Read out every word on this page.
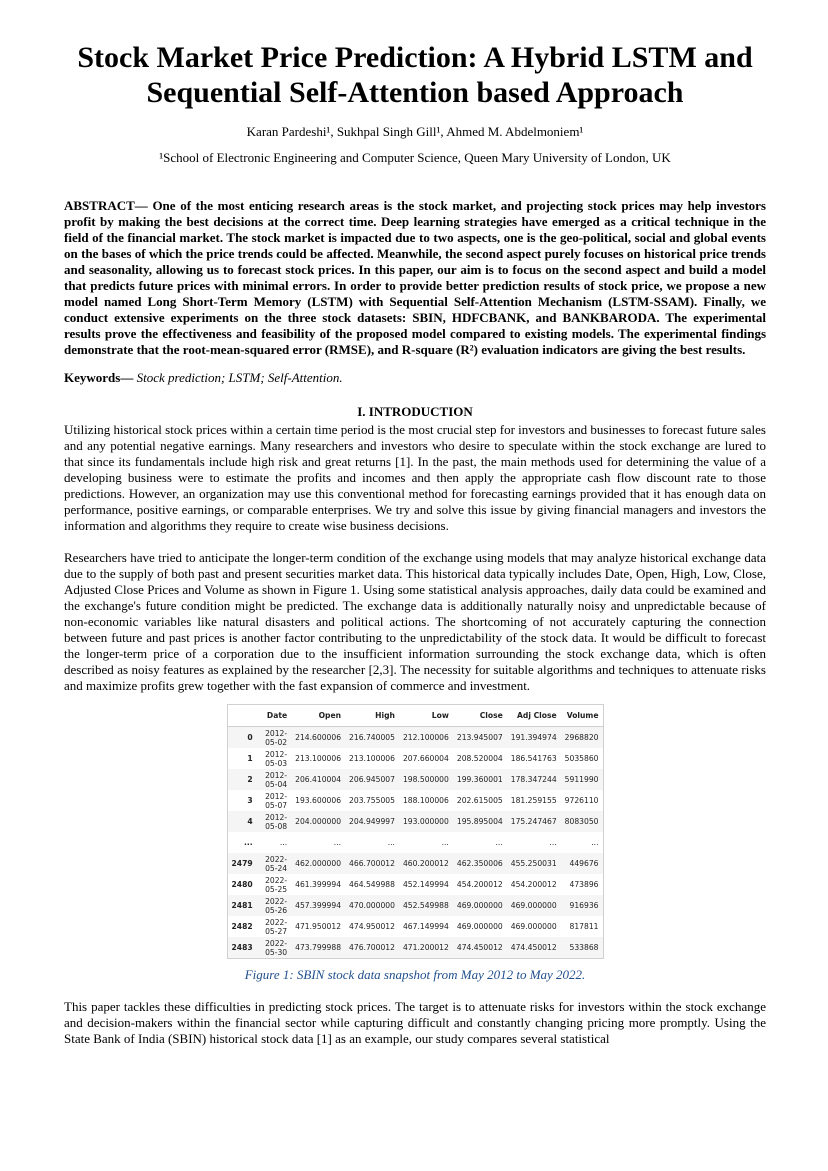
Stock Market Price Prediction: A Hybrid LSTM and Sequential Self-Attention based Approach
Karan Pardeshi¹, Sukhpal Singh Gill¹, Ahmed M. Abdelmoniem¹
¹School of Electronic Engineering and Computer Science, Queen Mary University of London, UK
ABSTRACT— One of the most enticing research areas is the stock market, and projecting stock prices may help investors profit by making the best decisions at the correct time. Deep learning strategies have emerged as a critical technique in the field of the financial market. The stock market is impacted due to two aspects, one is the geo-political, social and global events on the bases of which the price trends could be affected. Meanwhile, the second aspect purely focuses on historical price trends and seasonality, allowing us to forecast stock prices. In this paper, our aim is to focus on the second aspect and build a model that predicts future prices with minimal errors. In order to provide better prediction results of stock price, we propose a new model named Long Short-Term Memory (LSTM) with Sequential Self-Attention Mechanism (LSTM-SSAM). Finally, we conduct extensive experiments on the three stock datasets: SBIN, HDFCBANK, and BANKBARODA. The experimental results prove the effectiveness and feasibility of the proposed model compared to existing models. The experimental findings demonstrate that the root-mean-squared error (RMSE), and R-square (R²) evaluation indicators are giving the best results.
Keywords— Stock prediction; LSTM; Self-Attention.
I. INTRODUCTION

Utilizing historical stock prices within a certain time period is the most crucial step for investors and businesses to forecast future sales and any potential negative earnings. Many researchers and investors who desire to speculate within the stock exchange are lured to that since its fundamentals include high risk and great returns [1]. In the past, the main methods used for determining the value of a developing business were to estimate the profits and incomes and then apply the appropriate cash flow discount rate to those predictions. However, an organization may use this conventional method for forecasting earnings provided that it has enough data on performance, positive earnings, or comparable enterprises. We try and solve this issue by giving financial managers and investors the information and algorithms they require to create wise business decisions.

Researchers have tried to anticipate the longer-term condition of the exchange using models that may analyze historical exchange data due to the supply of both past and present securities market data. This historical data typically includes Date, Open, High, Low, Close, Adjusted Close Prices and Volume as shown in Figure 1. Using some statistical analysis approaches, daily data could be examined and the exchange's future condition might be predicted. The exchange data is additionally naturally noisy and unpredictable because of non-economic variables like natural disasters and political actions. The shortcoming of not accurately capturing the connection between future and past prices is another factor contributing to the unpredictability of the stock data. It would be difficult to forecast the longer-term price of a corporation due to the insufficient information surrounding the stock exchange data, which is often described as noisy features as explained by the researcher [2,3]. The necessity for suitable algorithms and techniques to attenuate risks and maximize profits grew together with the fast expansion of commerce and investment.

	Date	Open	High	Low	Close	Adj Close	Volume
0	2012-05-02	214.600006	216.740005	212.100006	213.945007	191.394974	2968820
1	2012-05-03	213.100006	213.100006	207.660004	208.520004	186.541763	5035860
2	2012-05-04	206.410004	206.945007	198.500000	199.360001	178.347244	5911990
3	2012-05-07	193.600006	203.755005	188.100006	202.615005	181.259155	9726110
4	2012-05-08	204.000000	204.949997	193.000000	195.895004	175.247467	8083050
...	...	...	...	...	...	...	...
2479	2022-05-24	462.000000	466.700012	460.200012	462.350006	455.250031	449676
2480	2022-05-25	461.399994	464.549988	452.149994	454.200012	454.200012	473896
2481	2022-05-26	457.399994	470.000000	452.549988	469.000000	469.000000	916936
2482	2022-05-27	471.950012	474.950012	467.149994	469.000000	469.000000	817811
2483	2022-05-30	473.799988	476.700012	471.200012	474.450012	474.450012	533868
Figure 1: SBIN stock data snapshot from May 2012 to May 2022.

This paper tackles these difficulties in predicting stock prices. The target is to attenuate risks for investors within the stock exchange and decision-makers within the financial sector while capturing difficult and constantly changing pricing more promptly. Using the State Bank of India (SBIN) historical stock data [1] as an example, our study compares several statistical
